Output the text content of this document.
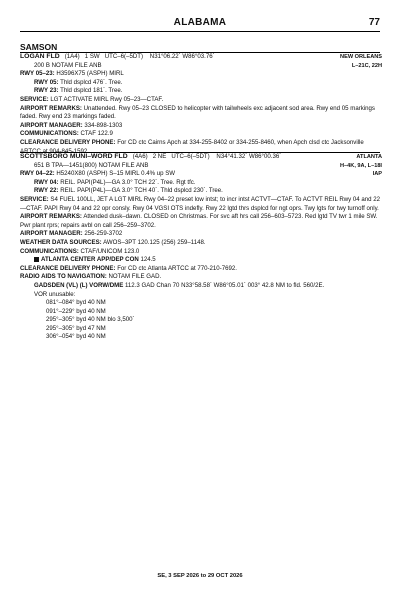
ALABAMA	77
SAMSON
LOGAN FLD (1A4) 1 SW UTC–6(–5DT) N31°06.22´ W86°03.76´	NEW ORLEANS
200 B NOTAM FILE ANB	L–21C, 22H
RWY 05–23: H3596X75 (ASPH) MIRL
RWY 05: Thld dsplcd 476´. Tree.
RWY 23: Thld dsplcd 181´. Tree.
SERVICE: LGT ACTIVATE MIRL Rwy 05–23—CTAF.
AIRPORT REMARKS: Unattended. Rwy 05–23 CLOSED to helicopter with tailwheels exc adjacent sod area. Rwy end 05 markings faded. Rwy end 23 markings faded.
AIRPORT MANAGER: 334-898-1303
COMMUNICATIONS: CTAF 122.9
CLEARANCE DELIVERY PHONE: For CD ctc Cairns Apch at 334-255-8402 or 334-255-8460, when Apch clsd ctc Jacksonville ARTCC at 904-845-1592.
SCOTTSBORO MUNI–WORD FLD (4A6) 2 NE UTC–6(–5DT) N34°41.32´ W86°00.36´	ATLANTA
651 B TPA—1451(800) NOTAM FILE ANB	H–4K, 9A, L–18I
RWY 04–22: H5240X80 (ASPH) S–15 MIRL 0.4% up SW	IAP
RWY 04: REIL. PAPI(P4L)—GA 3.0° TCH 22´. Tree. Rgt tfc.
RWY 22: REIL. PAPI(P4L)—GA 3.0° TCH 40´. Thld dsplcd 230´. Tree.
SERVICE: S4 FUEL 100LL, JET A LGT MIRL Rwy 04–22 preset low intst; to incr intst ACTVT—CTAF. To ACTVT REIL Rwy 04 and 22—CTAF. PAPI Rwy 04 and 22 opr consly. Rwy 04 VGSI OTS indefly. Rwy 22 lgtd thrs dsplcd for ngt oprs. Twy lgts for twy turnoff only.
AIRPORT REMARKS: Attended dusk–dawn. CLOSED on Christmas. For svc aft hrs call 256–603–5723. Red lgtd TV twr 1 mile SW. Pwr plant rprs; repairs avbl on call 256–259–3702.
AIRPORT MANAGER: 256-259-3702
WEATHER DATA SOURCES: AWOS–3PT 120.125 (256) 259–1148.
COMMUNICATIONS: CTAF/UNICOM 123.0
ATLANTA CENTER APP/DEP CON 124.5
CLEARANCE DELIVERY PHONE: For CD ctc Atlanta ARTCC at 770-210-7692.
RADIO AIDS TO NAVIGATION: NOTAM FILE GAD.
GADSDEN (VL) (L) VORW/DME 112.3 GAD Chan 70 N33°58.58´ W86°05.01´ 003° 42.8 NM to fld. 560/2E.
VOR unusable:
081°–084° byd 40 NM
091°–229° byd 40 NM
295°–305° byd 40 NM blo 3,500´
295°–305° byd 47 NM
306°–054° byd 40 NM
SE, 3 SEP 2026 to 29 OCT 2026
